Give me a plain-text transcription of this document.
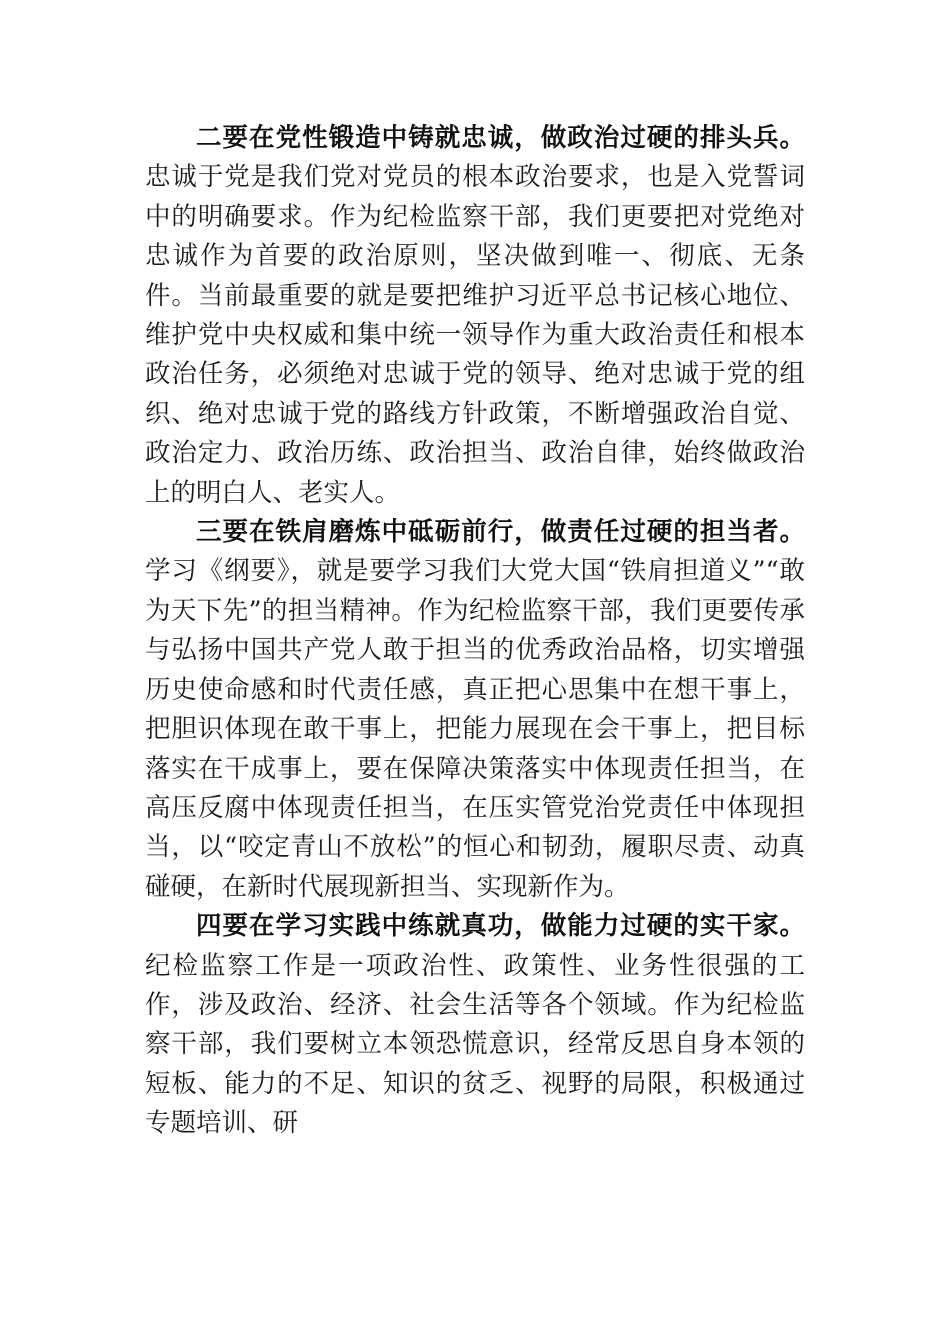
二要在党性锻造中铸就忠诚，做政治过硬的排头兵。忠诚于党是我们党对党员的根本政治要求，也是入党誓词中的明确要求。作为纪检监察干部，我们更要把对党绝对忠诚作为首要的政治原则，坚决做到唯一、彻底、无条件。当前最重要的就是要把维护习近平总书记核心地位、维护党中央权威和集中统一领导作为重大政治责任和根本政治任务，必须绝对忠诚于党的领导、绝对忠诚于党的组织、绝对忠诚于党的路线方针政策，不断增强政治自觉、政治定力、政治历练、政治担当、政治自律，始终做政治上的明白人、老实人。

三要在铁肩磨炼中砥砺前行，做责任过硬的担当者。学习《纲要》，就是要学习我们大党大国“铁肩担道义”“敢为天下先”的担当精神。作为纪检监察干部，我们更要传承与弘扬中国共产党人敢于担当的优秀政治品格，切实增强历史使命感和时代责任感，真正把心思集中在想干事上，把胆识体现在敢干事上，把能力展现在会干事上，把目标落实在干成事上，要在保障决策落实中体现责任担当，在高压反腐中体现责任担当，在压实管党治党责任中体现担当，以“咬定青山不放松”的恒心和韧劲，履职尽责、动真碰硬，在新时代展现新担当、实现新作为。

四要在学习实践中练就真功，做能力过硬的实干家。纪检监察工作是一项政治性、政策性、业务性很强的工作，涉及政治、经济、社会生活等各个领域。作为纪检监察干部，我们要树立本领恐慌意识，经常反思自身本领的短板、能力的不足、知识的贫乏、视野的局限，积极通过专题培训、研
